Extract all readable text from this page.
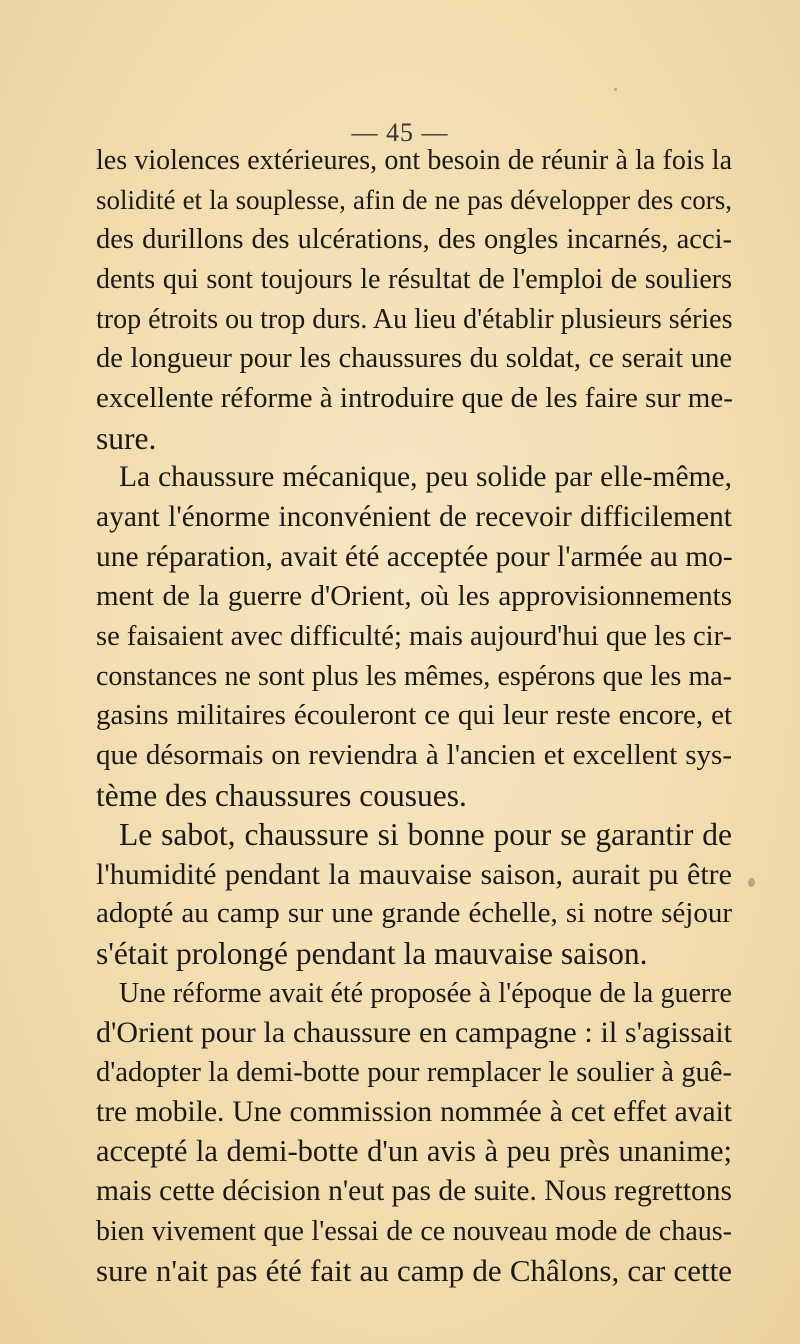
— 45 —
les violences extérieures, ont besoin de réunir à la fois la
solidité et la souplesse, afin de ne pas développer des cors,
des durillons des ulcérations, des ongles incarnés, acci-
dents qui sont toujours le résultat de l'emploi de souliers
trop étroits ou trop durs. Au lieu d'établir plusieurs séries
de longueur pour les chaussures du soldat, ce serait une
excellente réforme à introduire que de les faire sur me-
sure.
La chaussure mécanique, peu solide par elle-même,
ayant l'énorme inconvénient de recevoir difficilement
une réparation, avait été acceptée pour l'armée au mo-
ment de la guerre d'Orient, où les approvisionnements
se faisaient avec difficulté; mais aujourd'hui que les cir-
constances ne sont plus les mêmes, espérons que les ma-
gasins militaires écouleront ce qui leur reste encore, et
que désormais on reviendra à l'ancien et excellent sys-
tème des chaussures cousues.
Le sabot, chaussure si bonne pour se garantir de
l'humidité pendant la mauvaise saison, aurait pu être
adopté au camp sur une grande échelle, si notre séjour
s'était prolongé pendant la mauvaise saison.
Une réforme avait été proposée à l'époque de la guerre
d'Orient pour la chaussure en campagne : il s'agissait
d'adopter la demi-botte pour remplacer le soulier à guê-
tre mobile. Une commission nommée à cet effet avait
accepté la demi-botte d'un avis à peu près unanime;
mais cette décision n'eut pas de suite. Nous regrettons
bien vivement que l'essai de ce nouveau mode de chaus-
sure n'ait pas été fait au camp de Châlons, car cette
